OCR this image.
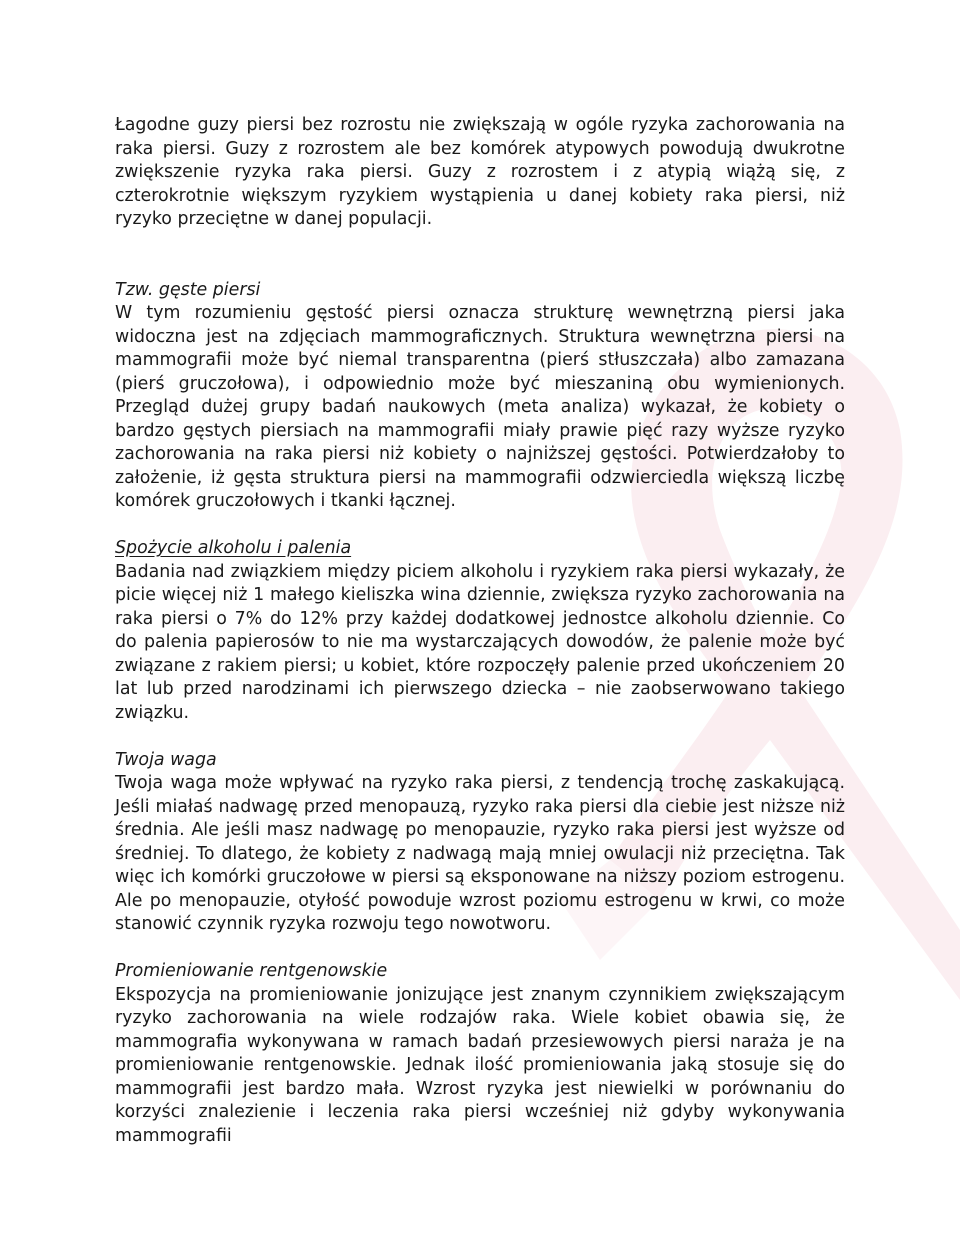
Łagodne guzy piersi bez rozrostu nie zwiększają w ogóle ryzyka zachorowania na raka piersi. Guzy z rozrostem ale bez komórek atypowych powodują dwukrotne zwiększenie ryzyka raka piersi. Guzy z rozrostem i z atypią wiążą się, z czterokrotnie większym ryzykiem wystąpienia u danej kobiety raka piersi, niż ryzyko przeciętne w danej populacji.

Tzw. gęste piersi

W tym rozumieniu gęstość piersi oznacza strukturę wewnętrzną piersi jaka widoczna jest na zdjęciach mammograficznych. Struktura wewnętrzna piersi na mammografii może być niemal transparentna (pierś stłuszczała) albo zamazana (pierś gruczołowa), i odpowiednio może być mieszaniną obu wymienionych. Przegląd dużej grupy badań naukowych (meta analiza) wykazał, że kobiety o bardzo gęstych piersiach na mammografii miały prawie pięć razy wyższe ryzyko zachorowania na raka piersi niż kobiety o najniższej gęstości. Potwierdzałoby to założenie, iż gęsta struktura piersi na mammografii odzwierciedla większą liczbę komórek gruczołowych i tkanki łącznej.

Spożycie alkoholu i palenia

Badania nad związkiem między piciem alkoholu i ryzykiem raka piersi wykazały, że picie więcej niż 1 małego kieliszka wina dziennie, zwiększa ryzyko zachorowania na raka piersi o 7% do 12% przy każdej dodatkowej jednostce alkoholu dziennie. Co do palenia papierosów to nie ma wystarczających dowodów, że palenie może być związane z rakiem piersi; u kobiet, które rozpoczęły palenie przed ukończeniem 20 lat lub przed narodzinami ich pierwszego dziecka – nie zaobserwowano takiego związku.

Twoja waga

Twoja waga może wpływać na ryzyko raka piersi, z tendencją trochę zaskakującą. Jeśli miałaś nadwagę przed menopauzą, ryzyko raka piersi dla ciebie jest niższe niż średnia. Ale jeśli masz nadwagę po menopauzie, ryzyko raka piersi jest wyższe od średniej. To dlatego, że kobiety z nadwagą mają mniej owulacji niż przeciętna. Tak więc ich komórki gruczołowe w piersi są eksponowane na niższy poziom estrogenu. Ale po menopauzie, otyłość powoduje wzrost poziomu estrogenu w krwi, co może stanowić czynnik ryzyka rozwoju tego nowotworu.

Promieniowanie rentgenowskie

Ekspozycja na promieniowanie jonizujące jest znanym czynnikiem zwiększającym ryzyko zachorowania na wiele rodzajów raka. Wiele kobiet obawia się, że mammografia wykonywana w ramach badań przesiewowych piersi naraża je na promieniowanie rentgenowskie. Jednak ilość promieniowania jaką stosuje się do mammografii jest bardzo mała. Wzrost ryzyka jest niewielki w porównaniu do korzyści znalezienie i leczenia raka piersi wcześniej niż gdyby wykonywania mammografii
